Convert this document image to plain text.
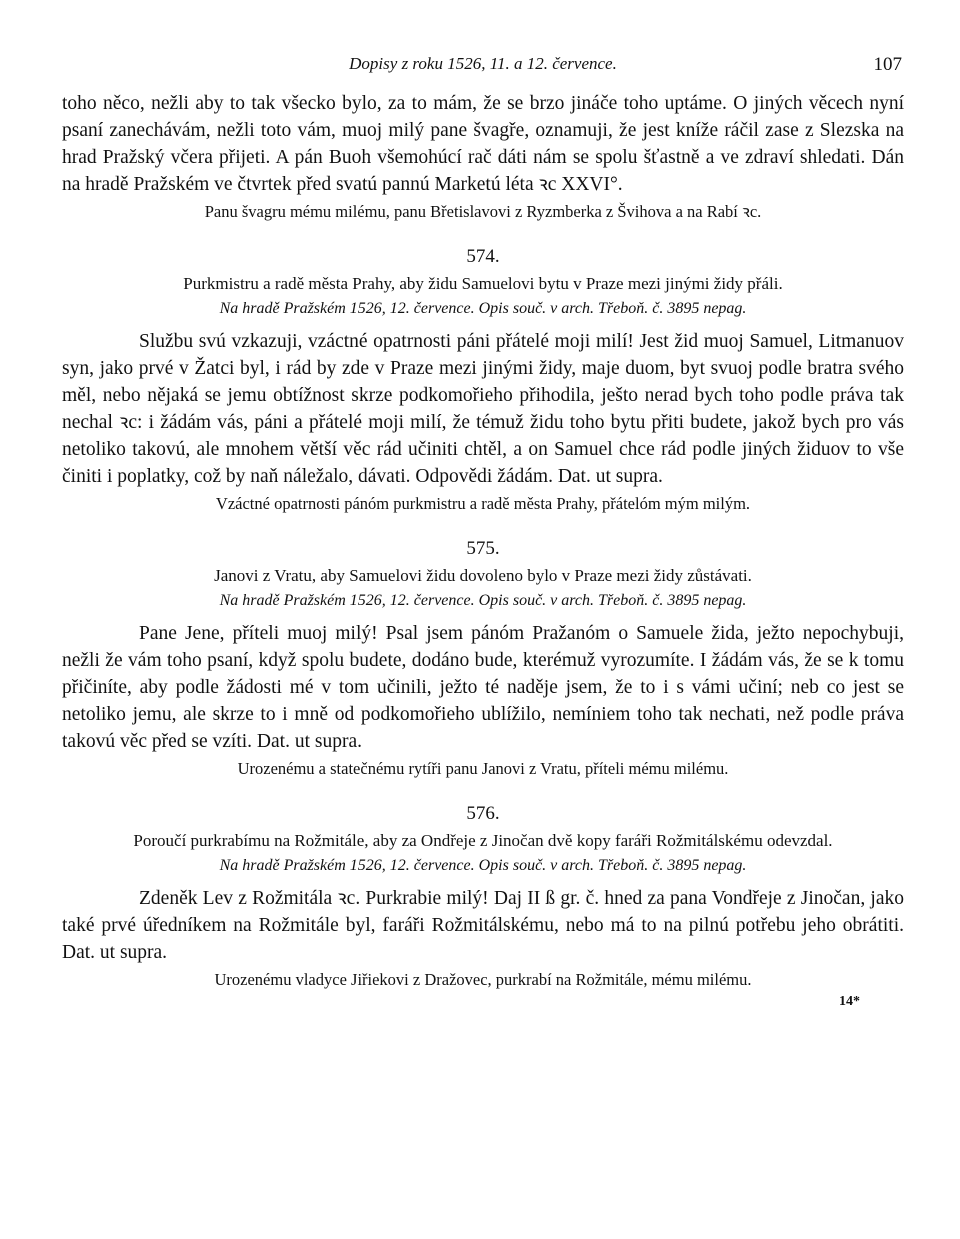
Dopisy z roku 1526, 11. a 12. července.	107

toho něco, nežli aby to tak všecko bylo, za to mám, že se brzo jináče toho uptáme. O jiných věcech nyní psaní zanechávám, nežli toto vám, muoj milý pane švagře, oznamuji, že jest kníže ráčil zase z Slezska na hrad Pražský včera přijeti. A pán Buoh všemohúcí rač dáti nám se spolu šťastně a ve zdraví shledati. Dán na hradě Pražském ve čtvrtek před svatú pannú Marketú léta ꝛc XXVI°.

Panu švagru mému milému, panu Břetislavovi z Ryzmberka z Švihova a na Rabí ꝛc.

574.

Purkmistru a radě města Prahy, aby židu Samuelovi bytu v Praze mezi jinými židy přáli.

Na hradě Pražském 1526, 12. července. Opis souč. v arch. Třeboň. č. 3895 nepag.

Službu svú vzkazuji, vzáctné opatrnosti páni přátelé moji milí! Jest žid muoj Samuel, Litmanuov syn, jako prvé v Žatci byl, i rád by zde v Praze mezi jinými židy, maje duom, byt svuoj podle bratra svého měl, nebo nějaká se jemu obtížnost skrze podkomořieho přihodila, ješto nerad bych toho podle práva tak nechal ꝛc: i žádám vás, páni a přátelé moji milí, že témuž židu toho bytu přiti budete, jakož bych pro vás netoliko takovú, ale mnohem větší věc rád učiniti chtěl, a on Samuel chce rád podle jiných židuov to vše činiti i poplatky, což by naň náležalo, dávati. Odpovědi žádám. Dat. ut supra.

Vzáctné opatrnosti pánóm purkmistru a radě města Prahy, přátelóm mým milým.

575.

Janovi z Vratu, aby Samuelovi židu dovoleno bylo v Praze mezi židy zůstávati.

Na hradě Pražském 1526, 12. července. Opis souč. v arch. Třeboň. č. 3895 nepag.

Pane Jene, příteli muoj milý! Psal jsem pánóm Pražanóm o Samuele žida, ježto nepochybuji, nežli že vám toho psaní, když spolu budete, dodáno bude, kterémuž vyrozumíte. I žádám vás, že se k tomu přičiníte, aby podle žádosti mé v tom učinili, ježto té naděje jsem, že to i s vámi učiní; neb co jest se netoliko jemu, ale skrze to i mně od podkomořieho ublížilo, nemíniem toho tak nechati, než podle práva takovú věc před se vzíti. Dat. ut supra.

Urozenému a statečnému rytíři panu Janovi z Vratu, příteli mému milému.

576.

Poroučí purkrabímu na Rožmitále, aby za Ondřeje z Jinočan dvě kopy faráři Rožmitálskému odevzdal.

Na hradě Pražském 1526, 12. července. Opis souč. v arch. Třeboň. č. 3895 nepag.

Zdeněk Lev z Rožmitála ꝛc. Purkrabie milý! Daj II ß gr. č. hned za pana Vondřeje z Jinočan, jako také prvé úředníkem na Rožmitále byl, faráři Rožmitálskému, nebo má to na pilnú potřebu jeho obrátiti. Dat. ut supra.

Urozenému vladyce Jiřiekovi z Dražovec, purkrabí na Rožmitále, mému milému.

14*
